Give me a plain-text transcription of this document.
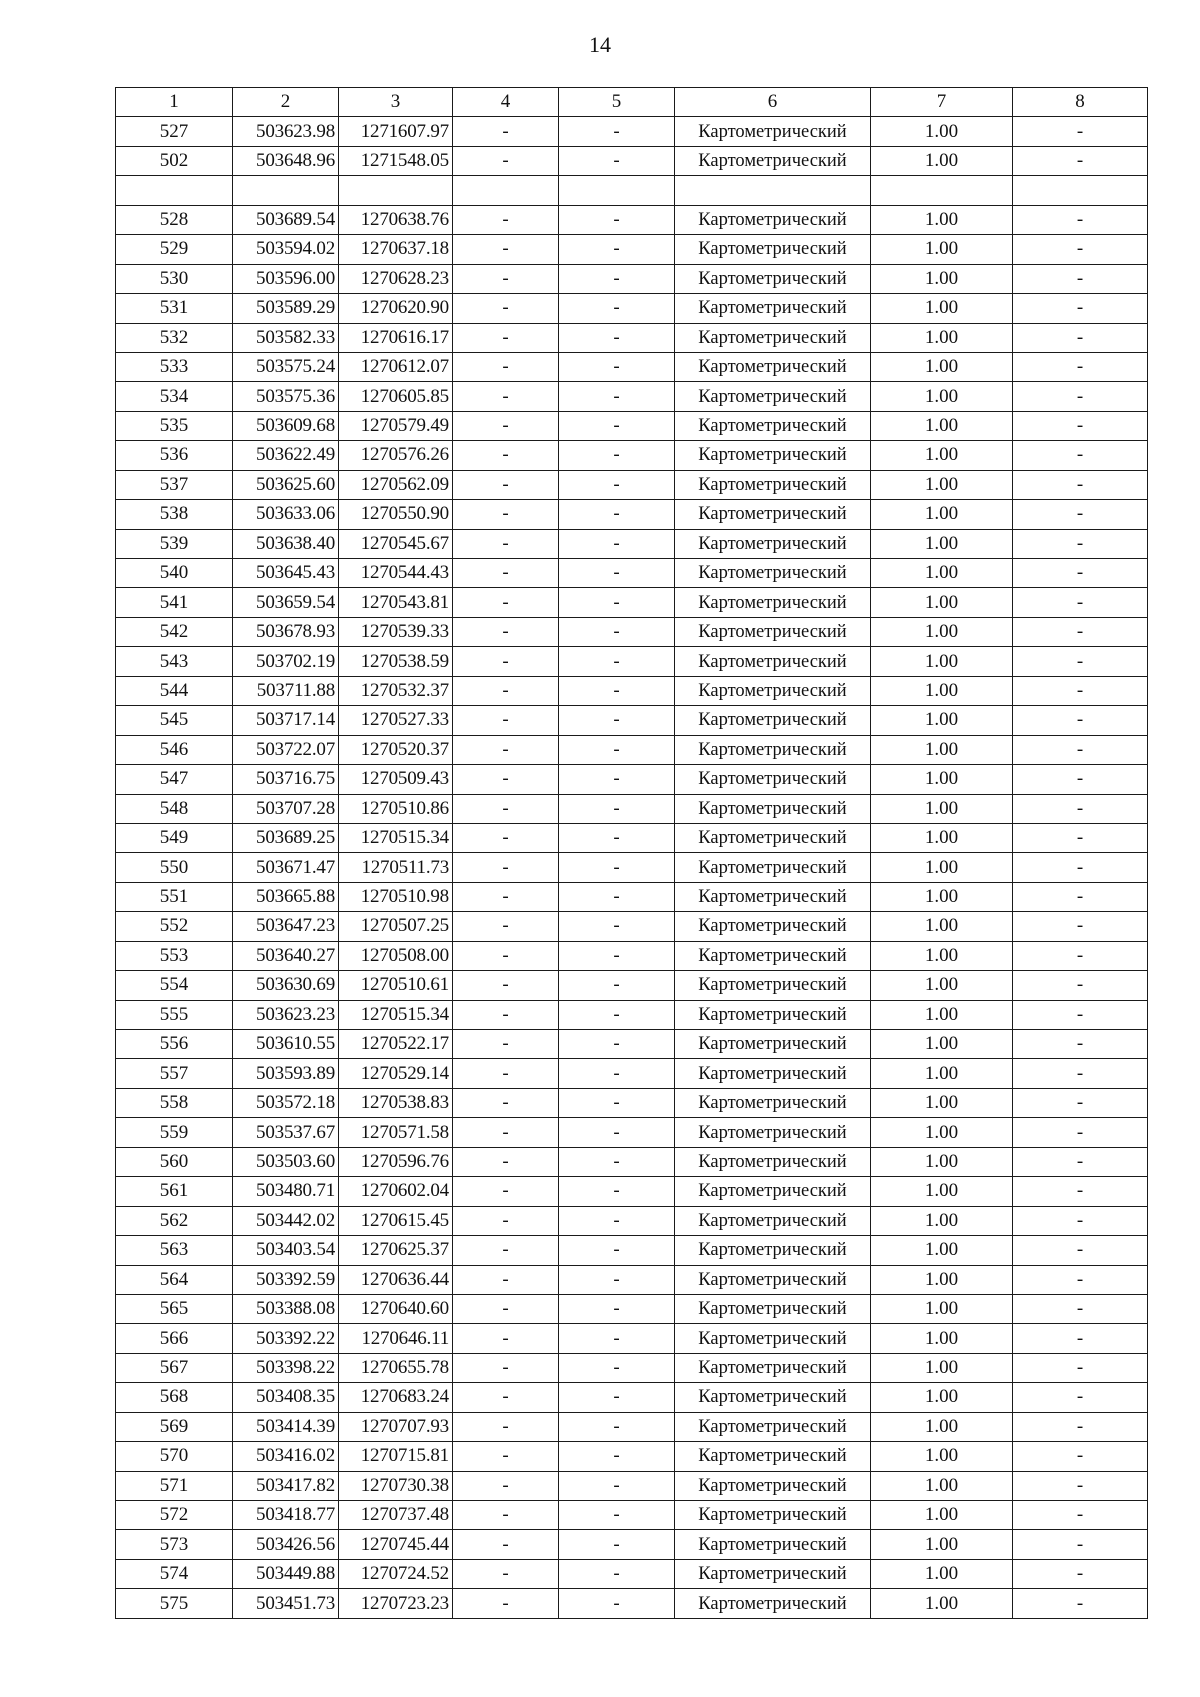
14
1	2	3	4	5	6	7	8
527	503623.98	1271607.97	-	-	Картометрический	1.00	-
502	503648.96	1271548.05	-	-	Картометрический	1.00	-

528	503689.54	1270638.76	-	-	Картометрический	1.00	-
529	503594.02	1270637.18	-	-	Картометрический	1.00	-
530	503596.00	1270628.23	-	-	Картометрический	1.00	-
531	503589.29	1270620.90	-	-	Картометрический	1.00	-
532	503582.33	1270616.17	-	-	Картометрический	1.00	-
533	503575.24	1270612.07	-	-	Картометрический	1.00	-
534	503575.36	1270605.85	-	-	Картометрический	1.00	-
535	503609.68	1270579.49	-	-	Картометрический	1.00	-
536	503622.49	1270576.26	-	-	Картометрический	1.00	-
537	503625.60	1270562.09	-	-	Картометрический	1.00	-
538	503633.06	1270550.90	-	-	Картометрический	1.00	-
539	503638.40	1270545.67	-	-	Картометрический	1.00	-
540	503645.43	1270544.43	-	-	Картометрический	1.00	-
541	503659.54	1270543.81	-	-	Картометрический	1.00	-
542	503678.93	1270539.33	-	-	Картометрический	1.00	-
543	503702.19	1270538.59	-	-	Картометрический	1.00	-
544	503711.88	1270532.37	-	-	Картометрический	1.00	-
545	503717.14	1270527.33	-	-	Картометрический	1.00	-
546	503722.07	1270520.37	-	-	Картометрический	1.00	-
547	503716.75	1270509.43	-	-	Картометрический	1.00	-
548	503707.28	1270510.86	-	-	Картометрический	1.00	-
549	503689.25	1270515.34	-	-	Картометрический	1.00	-
550	503671.47	1270511.73	-	-	Картометрический	1.00	-
551	503665.88	1270510.98	-	-	Картометрический	1.00	-
552	503647.23	1270507.25	-	-	Картометрический	1.00	-
553	503640.27	1270508.00	-	-	Картометрический	1.00	-
554	503630.69	1270510.61	-	-	Картометрический	1.00	-
555	503623.23	1270515.34	-	-	Картометрический	1.00	-
556	503610.55	1270522.17	-	-	Картометрический	1.00	-
557	503593.89	1270529.14	-	-	Картометрический	1.00	-
558	503572.18	1270538.83	-	-	Картометрический	1.00	-
559	503537.67	1270571.58	-	-	Картометрический	1.00	-
560	503503.60	1270596.76	-	-	Картометрический	1.00	-
561	503480.71	1270602.04	-	-	Картометрический	1.00	-
562	503442.02	1270615.45	-	-	Картометрический	1.00	-
563	503403.54	1270625.37	-	-	Картометрический	1.00	-
564	503392.59	1270636.44	-	-	Картометрический	1.00	-
565	503388.08	1270640.60	-	-	Картометрический	1.00	-
566	503392.22	1270646.11	-	-	Картометрический	1.00	-
567	503398.22	1270655.78	-	-	Картометрический	1.00	-
568	503408.35	1270683.24	-	-	Картометрический	1.00	-
569	503414.39	1270707.93	-	-	Картометрический	1.00	-
570	503416.02	1270715.81	-	-	Картометрический	1.00	-
571	503417.82	1270730.38	-	-	Картометрический	1.00	-
572	503418.77	1270737.48	-	-	Картометрический	1.00	-
573	503426.56	1270745.44	-	-	Картометрический	1.00	-
574	503449.88	1270724.52	-	-	Картометрический	1.00	-
575	503451.73	1270723.23	-	-	Картометрический	1.00	-
